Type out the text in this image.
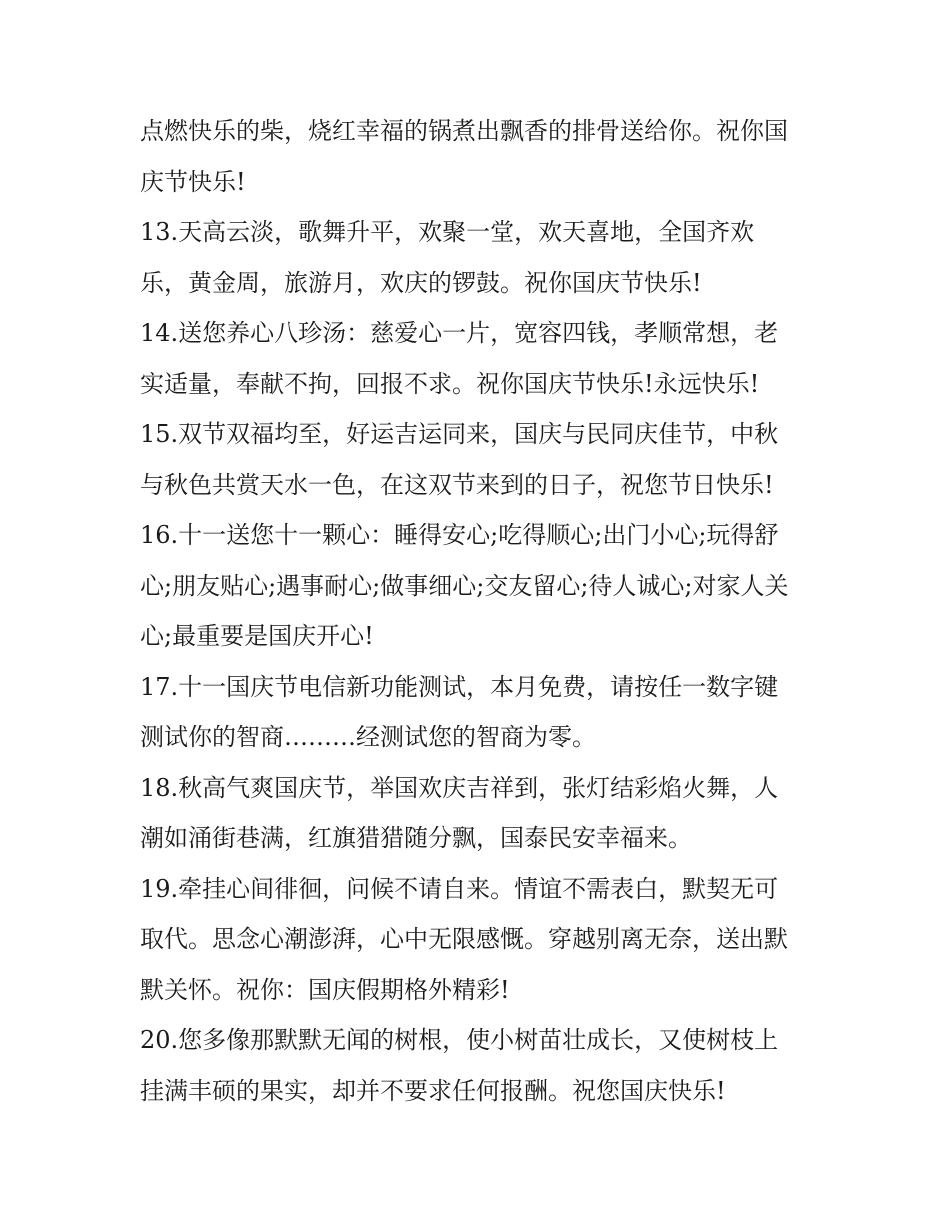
点燃快乐的柴，烧红幸福的锅煮出飘香的排骨送给你。祝你国
庆节快乐!
13.天高云淡，歌舞升平，欢聚一堂，欢天喜地，全国齐欢
乐，黄金周，旅游月，欢庆的锣鼓。祝你国庆节快乐!
14.送您养心八珍汤：慈爱心一片，宽容四钱，孝顺常想，老
实适量，奉献不拘，回报不求。祝你国庆节快乐!永远快乐!
15.双节双福均至，好运吉运同来，国庆与民同庆佳节，中秋
与秋色共赏天水一色，在这双节来到的日子，祝您节日快乐!
16.十一送您十一颗心：睡得安心;吃得顺心;出门小心;玩得舒
心;朋友贴心;遇事耐心;做事细心;交友留心;待人诚心;对家人关
心;最重要是国庆开心!
17.十一国庆节电信新功能测试，本月免费，请按任一数字键
测试你的智商………经测试您的智商为零。
18.秋高气爽国庆节，举国欢庆吉祥到，张灯结彩焰火舞，人
潮如涌街巷满，红旗猎猎随分飘，国泰民安幸福来。
19.牵挂心间徘徊，问候不请自来。情谊不需表白，默契无可
取代。思念心潮澎湃，心中无限感慨。穿越别离无奈，送出默
默关怀。祝你：国庆假期格外精彩!
20.您多像那默默无闻的树根，使小树苗壮成长，又使树枝上
挂满丰硕的果实，却并不要求任何报酬。祝您国庆快乐!
